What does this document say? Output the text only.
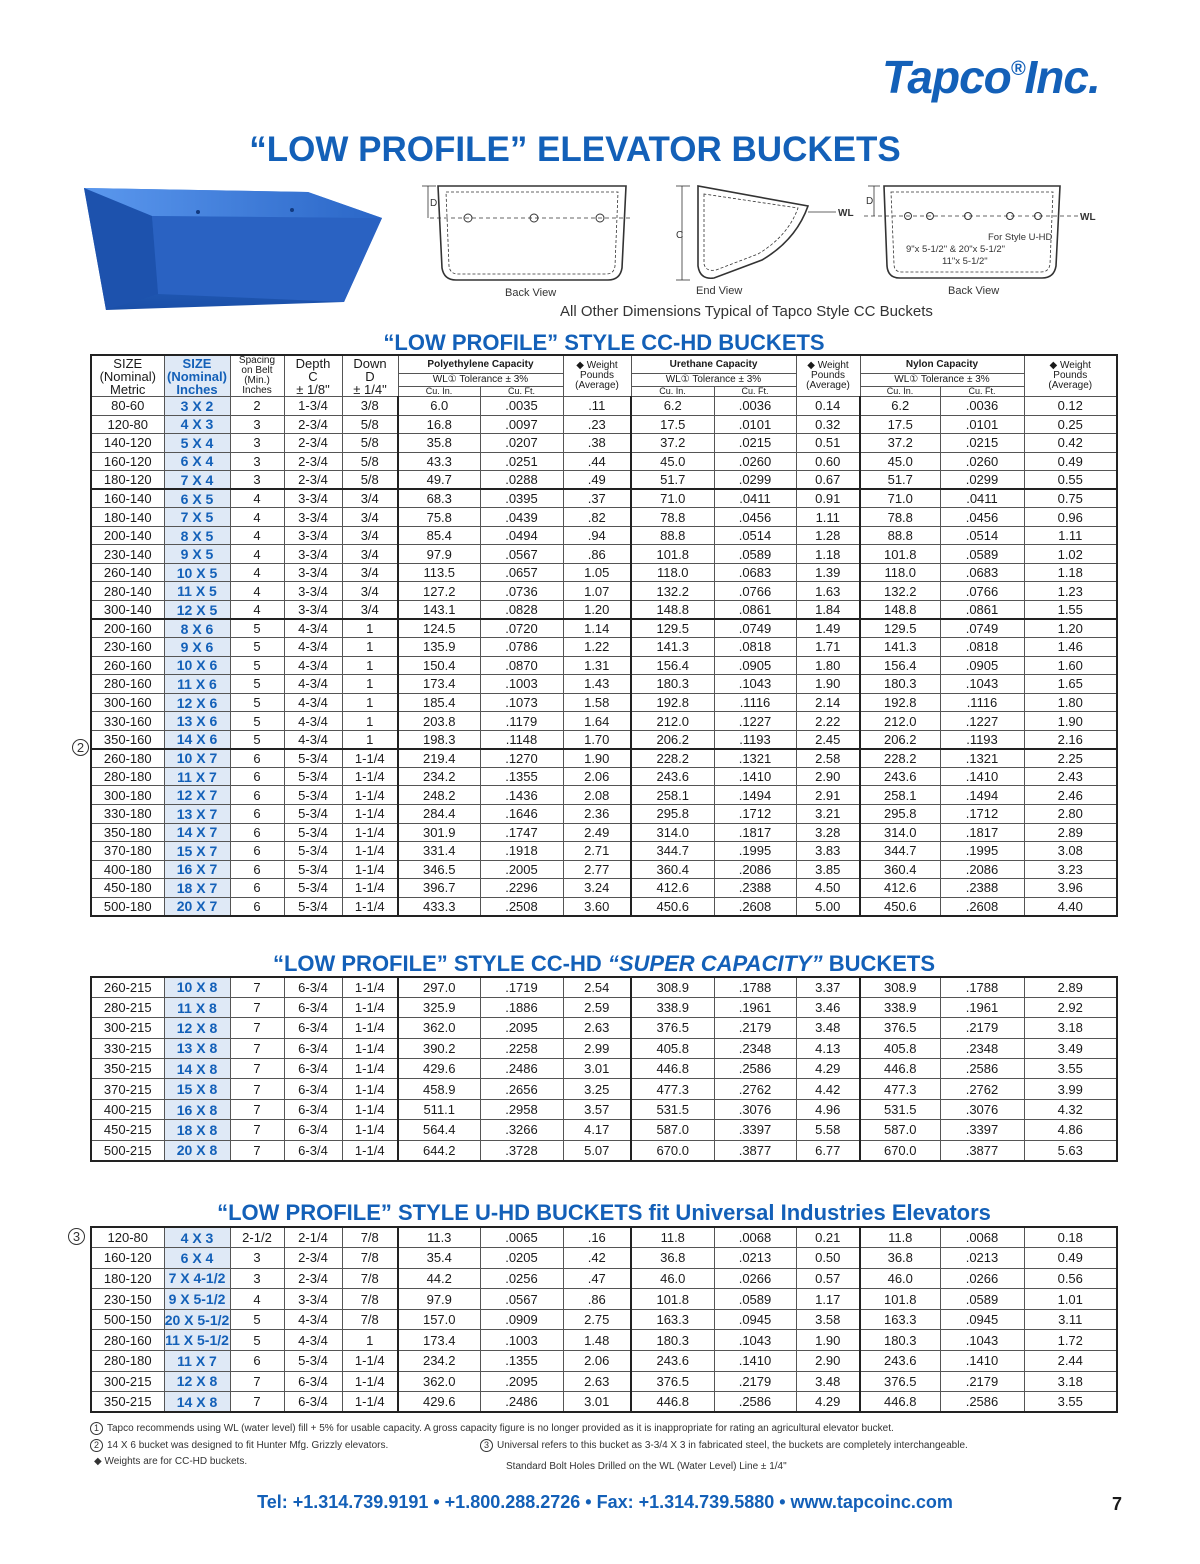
Tapco®Inc.
“LOW PROFILE” ELEVATOR BUCKETS
D
Back View
C
WL
End View
D
WL
For Style U-HD
9"x 5-1/2" & 20"x 5-1/2"
11"x 5-1/2"
Back View
All Other Dimensions Typical of Tapco Style CC Buckets
“LOW PROFILE” STYLE CC-HD BUCKETS
SIZE
(Nominal)
Metric	SIZE
(Nominal)
Inches	Spacing
on Belt
(Min.)
Inches	Depth
C
± 1/8"	Down
D
± 1/4"	Polyethylene Capacity		◆ Weight
Pounds
(Average)	Urethane Capacity		◆ Weight
Pounds
(Average)	Nylon Capacity		◆ Weight
Pounds
(Average)
					WL① Tolerance ± 3%			WL① Tolerance ± 3%			WL① Tolerance ± 3%		
					Cu. In.	Cu. Ft.		Cu. In.	Cu. Ft.		Cu. In.	Cu. Ft.	
80-60	3 X 2	2	1-3/4	3/8	6.0	.0035	.11	6.2	.0036	0.14	6.2	.0036	0.12
120-80	4 X 3	3	2-3/4	5/8	16.8	.0097	.23	17.5	.0101	0.32	17.5	.0101	0.25
140-120	5 X 4	3	2-3/4	5/8	35.8	.0207	.38	37.2	.0215	0.51	37.2	.0215	0.42
160-120	6 X 4	3	2-3/4	5/8	43.3	.0251	.44	45.0	.0260	0.60	45.0	.0260	0.49
180-120	7 X 4	3	2-3/4	5/8	49.7	.0288	.49	51.7	.0299	0.67	51.7	.0299	0.55
160-140	6 X 5	4	3-3/4	3/4	68.3	.0395	.37	71.0	.0411	0.91	71.0	.0411	0.75
180-140	7 X 5	4	3-3/4	3/4	75.8	.0439	.82	78.8	.0456	1.11	78.8	.0456	0.96
200-140	8 X 5	4	3-3/4	3/4	85.4	.0494	.94	88.8	.0514	1.28	88.8	.0514	1.11
230-140	9 X 5	4	3-3/4	3/4	97.9	.0567	.86	101.8	.0589	1.18	101.8	.0589	1.02
260-140	10 X 5	4	3-3/4	3/4	113.5	.0657	1.05	118.0	.0683	1.39	118.0	.0683	1.18
280-140	11 X 5	4	3-3/4	3/4	127.2	.0736	1.07	132.2	.0766	1.63	132.2	.0766	1.23
300-140	12 X 5	4	3-3/4	3/4	143.1	.0828	1.20	148.8	.0861	1.84	148.8	.0861	1.55
200-160	8 X 6	5	4-3/4	1	124.5	.0720	1.14	129.5	.0749	1.49	129.5	.0749	1.20
230-160	9 X 6	5	4-3/4	1	135.9	.0786	1.22	141.3	.0818	1.71	141.3	.0818	1.46
260-160	10 X 6	5	4-3/4	1	150.4	.0870	1.31	156.4	.0905	1.80	156.4	.0905	1.60
280-160	11 X 6	5	4-3/4	1	173.4	.1003	1.43	180.3	.1043	1.90	180.3	.1043	1.65
300-160	12 X 6	5	4-3/4	1	185.4	.1073	1.58	192.8	.1116	2.14	192.8	.1116	1.80
330-160	13 X 6	5	4-3/4	1	203.8	.1179	1.64	212.0	.1227	2.22	212.0	.1227	1.90
350-160	14 X 6	5	4-3/4	1	198.3	.1148	1.70	206.2	.1193	2.45	206.2	.1193	2.16
260-180	10 X 7	6	5-3/4	1-1/4	219.4	.1270	1.90	228.2	.1321	2.58	228.2	.1321	2.25
280-180	11 X 7	6	5-3/4	1-1/4	234.2	.1355	2.06	243.6	.1410	2.90	243.6	.1410	2.43
300-180	12 X 7	6	5-3/4	1-1/4	248.2	.1436	2.08	258.1	.1494	2.91	258.1	.1494	2.46
330-180	13 X 7	6	5-3/4	1-1/4	284.4	.1646	2.36	295.8	.1712	3.21	295.8	.1712	2.80
350-180	14 X 7	6	5-3/4	1-1/4	301.9	.1747	2.49	314.0	.1817	3.28	314.0	.1817	2.89
370-180	15 X 7	6	5-3/4	1-1/4	331.4	.1918	2.71	344.7	.1995	3.83	344.7	.1995	3.08
400-180	16 X 7	6	5-3/4	1-1/4	346.5	.2005	2.77	360.4	.2086	3.85	360.4	.2086	3.23
450-180	18 X 7	6	5-3/4	1-1/4	396.7	.2296	3.24	412.6	.2388	4.50	412.6	.2388	3.96
500-180	20 X 7	6	5-3/4	1-1/4	433.3	.2508	3.60	450.6	.2608	5.00	450.6	.2608	4.40
2
“LOW PROFILE” STYLE CC-HD “SUPER CAPACITY” BUCKETS
260-215	10 X 8	7	6-3/4	1-1/4	297.0	.1719	2.54	308.9	.1788	3.37	308.9	.1788	2.89
280-215	11 X 8	7	6-3/4	1-1/4	325.9	.1886	2.59	338.9	.1961	3.46	338.9	.1961	2.92
300-215	12 X 8	7	6-3/4	1-1/4	362.0	.2095	2.63	376.5	.2179	3.48	376.5	.2179	3.18
330-215	13 X 8	7	6-3/4	1-1/4	390.2	.2258	2.99	405.8	.2348	4.13	405.8	.2348	3.49
350-215	14 X 8	7	6-3/4	1-1/4	429.6	.2486	3.01	446.8	.2586	4.29	446.8	.2586	3.55
370-215	15 X 8	7	6-3/4	1-1/4	458.9	.2656	3.25	477.3	.2762	4.42	477.3	.2762	3.99
400-215	16 X 8	7	6-3/4	1-1/4	511.1	.2958	3.57	531.5	.3076	4.96	531.5	.3076	4.32
450-215	18 X 8	7	6-3/4	1-1/4	564.4	.3266	4.17	587.0	.3397	5.58	587.0	.3397	4.86
500-215	20 X 8	7	6-3/4	1-1/4	644.2	.3728	5.07	670.0	.3877	6.77	670.0	.3877	5.63
“LOW PROFILE” STYLE U-HD BUCKETS fit Universal Industries Elevators
120-80	4 X 3	2-1/2	2-1/4	7/8	11.3	.0065	.16	11.8	.0068	0.21	11.8	.0068	0.18
160-120	6 X 4	3	2-3/4	7/8	35.4	.0205	.42	36.8	.0213	0.50	36.8	.0213	0.49
180-120	7 X 4-1/2	3	2-3/4	7/8	44.2	.0256	.47	46.0	.0266	0.57	46.0	.0266	0.56
230-150	9 X 5-1/2	4	3-3/4	7/8	97.9	.0567	.86	101.8	.0589	1.17	101.8	.0589	1.01
500-150	20 X 5-1/2	5	4-3/4	7/8	157.0	.0909	2.75	163.3	.0945	3.58	163.3	.0945	3.11
280-160	11 X 5-1/2	5	4-3/4	1	173.4	.1003	1.48	180.3	.1043	1.90	180.3	.1043	1.72
280-180	11 X 7	6	5-3/4	1-1/4	234.2	.1355	2.06	243.6	.1410	2.90	243.6	.1410	2.44
300-215	12 X 8	7	6-3/4	1-1/4	362.0	.2095	2.63	376.5	.2179	3.48	376.5	.2179	3.18
350-215	14 X 8	7	6-3/4	1-1/4	429.6	.2486	3.01	446.8	.2586	4.29	446.8	.2586	3.55
3
1 Tapco recommends using WL (water level) fill + 5% for usable capacity. A gross capacity figure is no longer provided as it is inappropriate for rating an agricultural elevator bucket.
2 14 X 6 bucket was designed to fit Hunter Mfg. Grizzly elevators.	3 Universal refers to this bucket as 3-3/4 X 3 in fabricated steel, the buckets are completely interchangeable.
◆ Weights are for CC-HD buckets.	Standard Bolt Holes Drilled on the WL (Water Level) Line ± 1/4"
Tel: +1.314.739.9191 • +1.800.288.2726 • Fax: +1.314.739.5880 • www.tapcoinc.com	7
